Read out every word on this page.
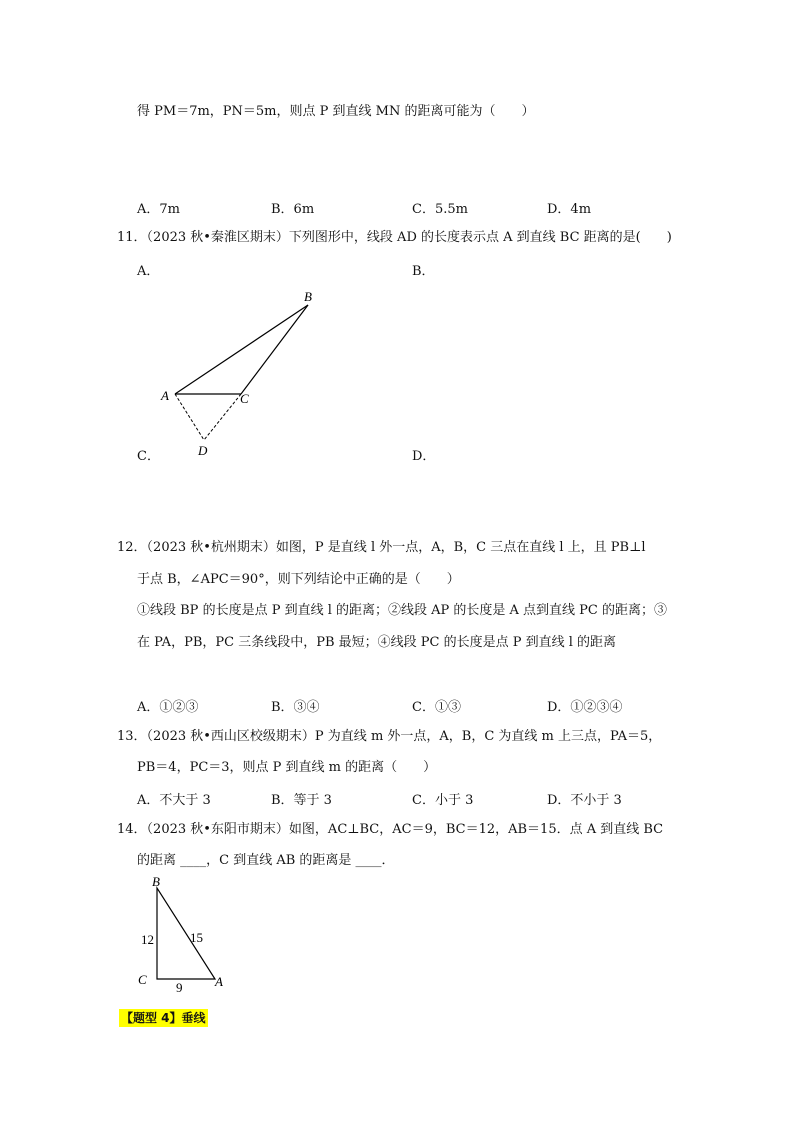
得 PM＝7m，PN＝5m，则点 P 到直线 MN 的距离可能为（　　）
A．7m	B．6m	C．5.5m	D．4m
11．（2023 秋•秦淮区期末）下列图形中，线段 AD 的长度表示点 A 到直线 BC 距离的是(　　)
A．	B．
C．	D．
B
A	C
D
12．（2023 秋•杭州期末）如图，P 是直线 l 外一点，A，B，C 三点在直线 l 上，且 PB⊥l
于点 B，∠APC＝90°，则下列结论中正确的是（　　）
①线段 BP 的长度是点 P 到直线 l 的距离；②线段 AP 的长度是 A 点到直线 PC 的距离；③
在 PA，PB，PC 三条线段中，PB 最短；④线段 PC 的长度是点 P 到直线 l 的距离
A．①②③	B．③④	C．①③	D．①②③④
13．（2023 秋•西山区校级期末）P 为直线 m 外一点，A，B，C 为直线 m 上三点，PA＝5，
PB＝4，PC＝3，则点 P 到直线 m 的距离（　　）
A．不大于 3	B．等于 3	C．小于 3	D．不小于 3
14．（2023 秋•东阳市期末）如图，AC⊥BC，AC＝9，BC＝12，AB＝15．点 A 到直线 BC
的距离 ____，C 到直线 AB 的距离是 ____．
B
C	A
12	15
9
【题型 4】垂线
